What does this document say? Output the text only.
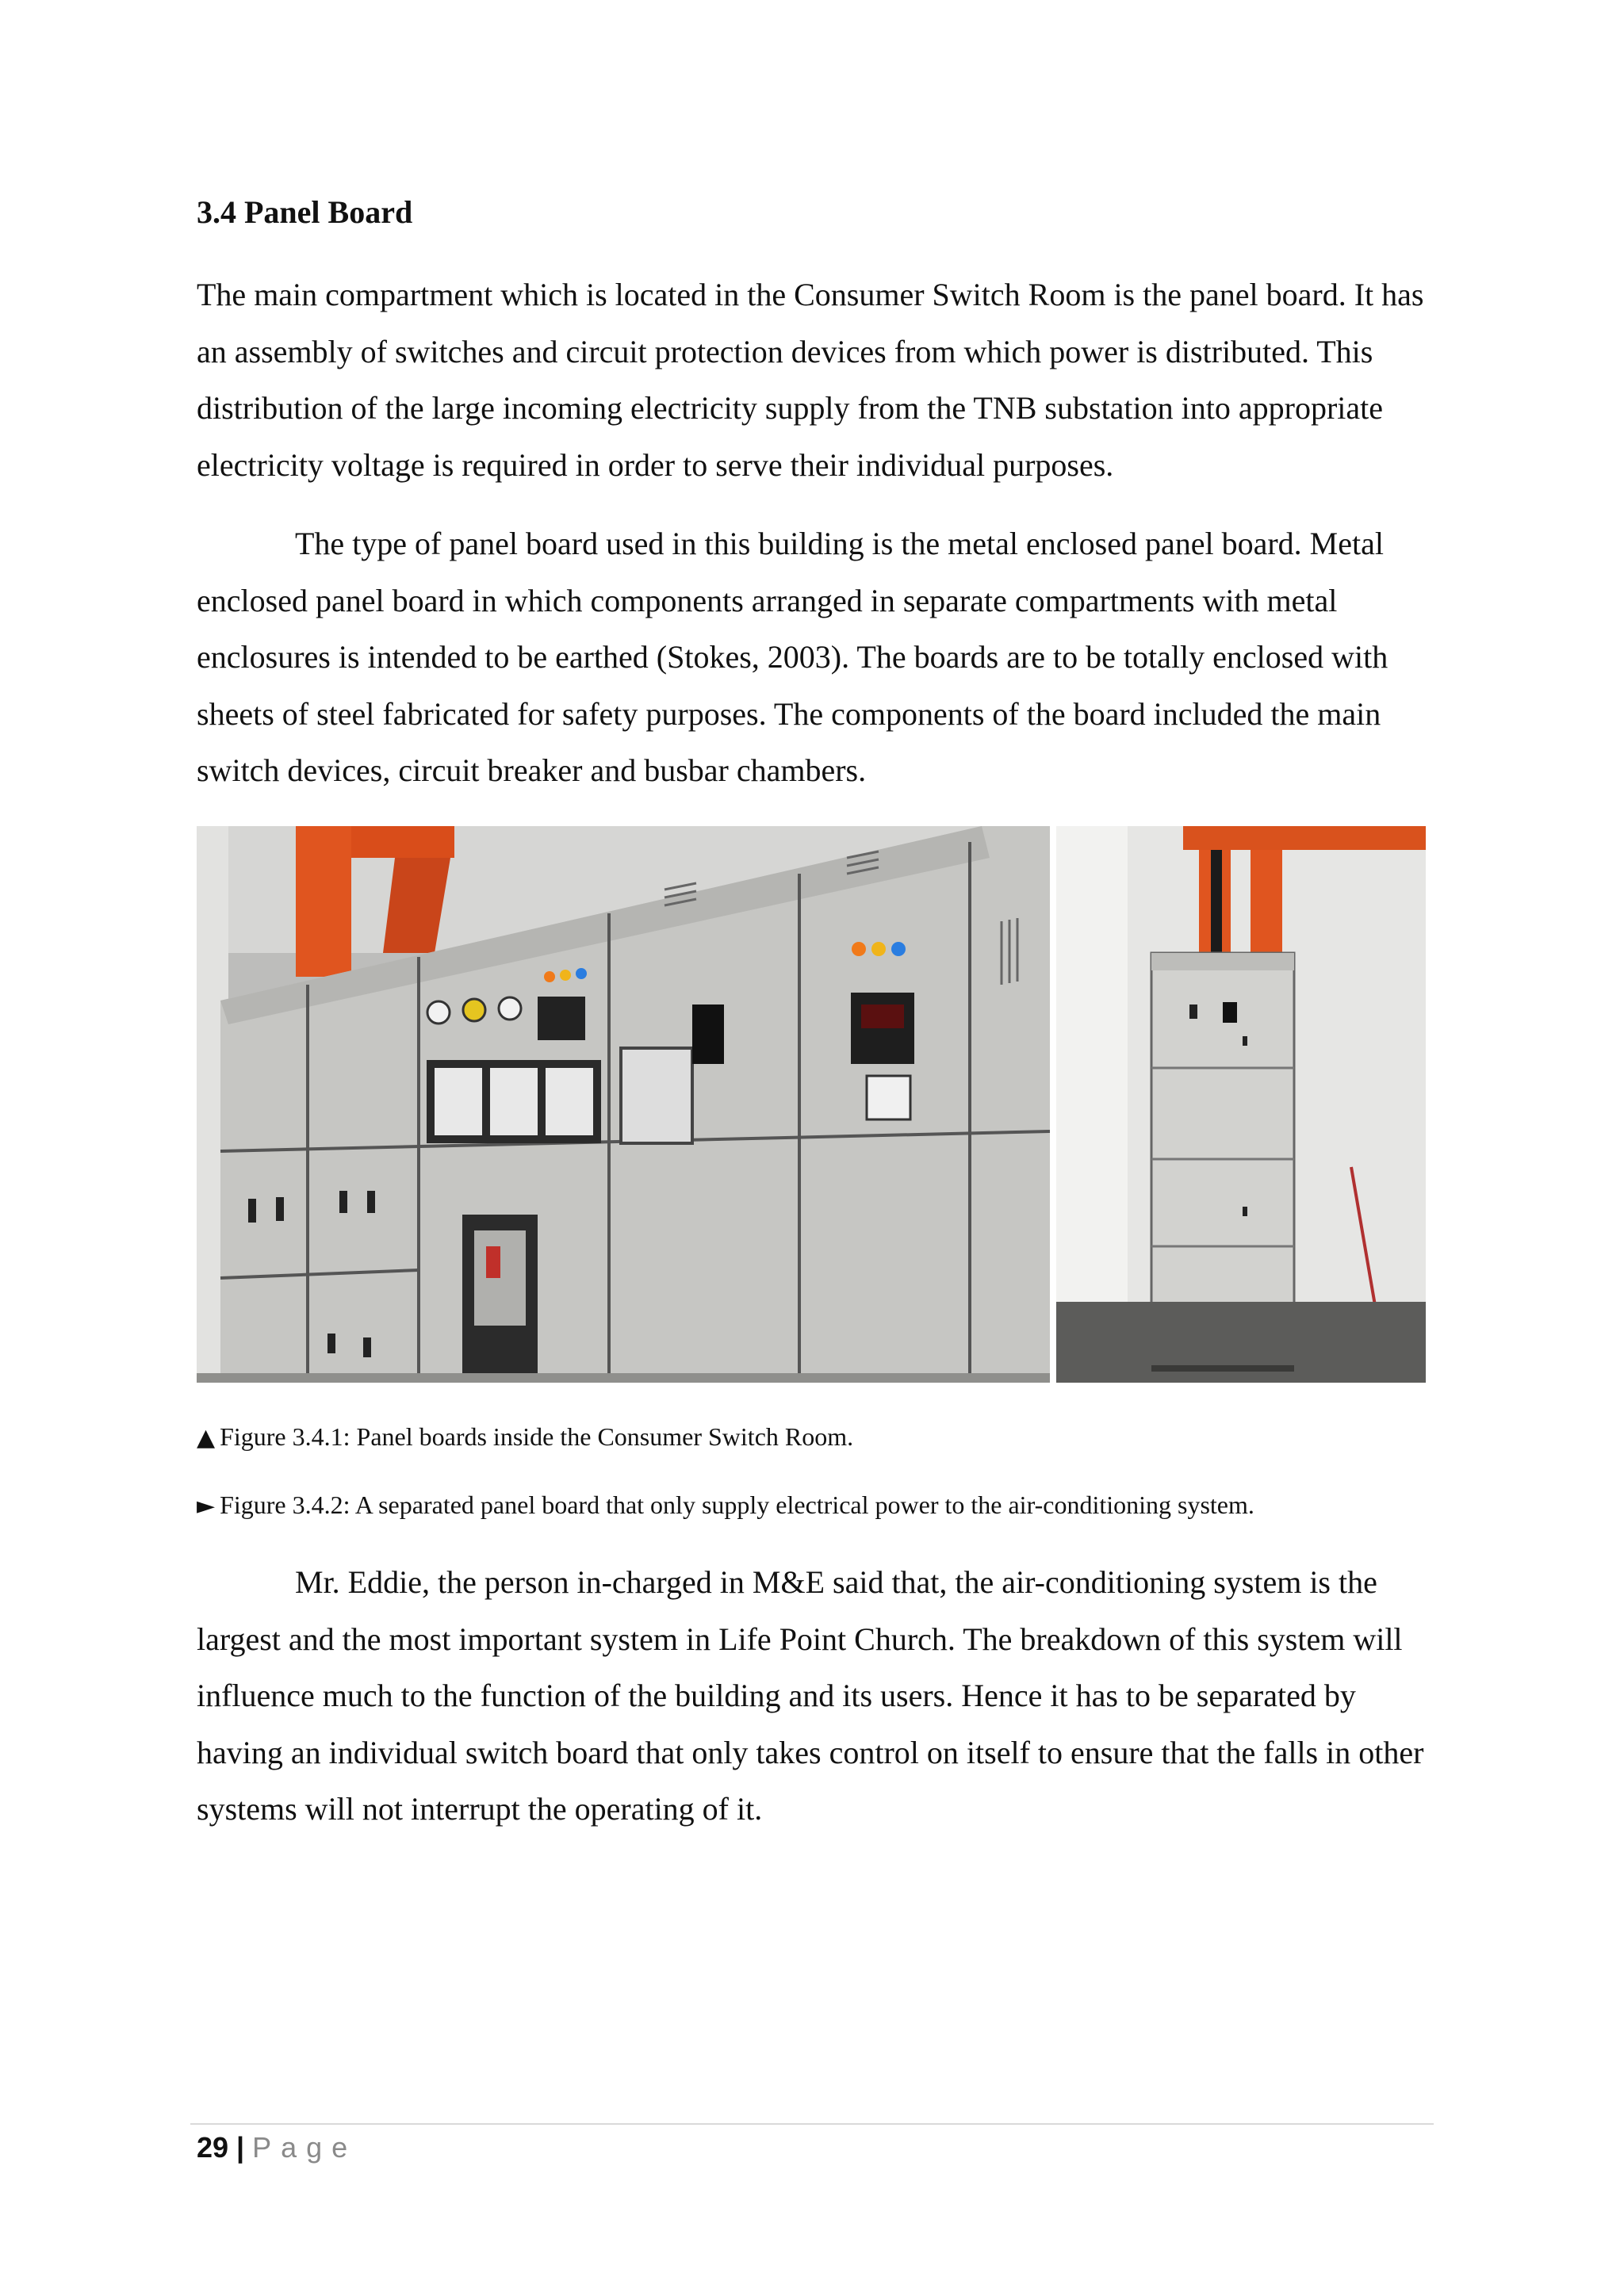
3.4 Panel Board

The main compartment which is located in the Consumer Switch Room is the panel board. It has an assembly of switches and circuit protection devices from which power is distributed. This distribution of the large incoming electricity supply from the TNB substation into appropriate electricity voltage is required in order to serve their individual purposes.

The type of panel board used in this building is the metal enclosed panel board. Metal enclosed panel board in which components arranged in separate compartments with metal enclosures is intended to be earthed (Stokes, 2003). The boards are to be totally enclosed with sheets of steel fabricated for safety purposes. The components of the board included the main switch devices, circuit breaker and busbar chambers.

▲ Figure 3.4.1: Panel boards inside the Consumer Switch Room.

► Figure 3.4.2: A separated panel board that only supply electrical power to the air-conditioning system.

Mr. Eddie, the person in-charged in M&E said that, the air-conditioning system is the largest and the most important system in Life Point Church. The breakdown of this system will influence much to the function of the building and its users. Hence it has to be separated by having an individual switch board that only takes control on itself to ensure that the falls in other systems will not interrupt the operating of it.

29 | Page
